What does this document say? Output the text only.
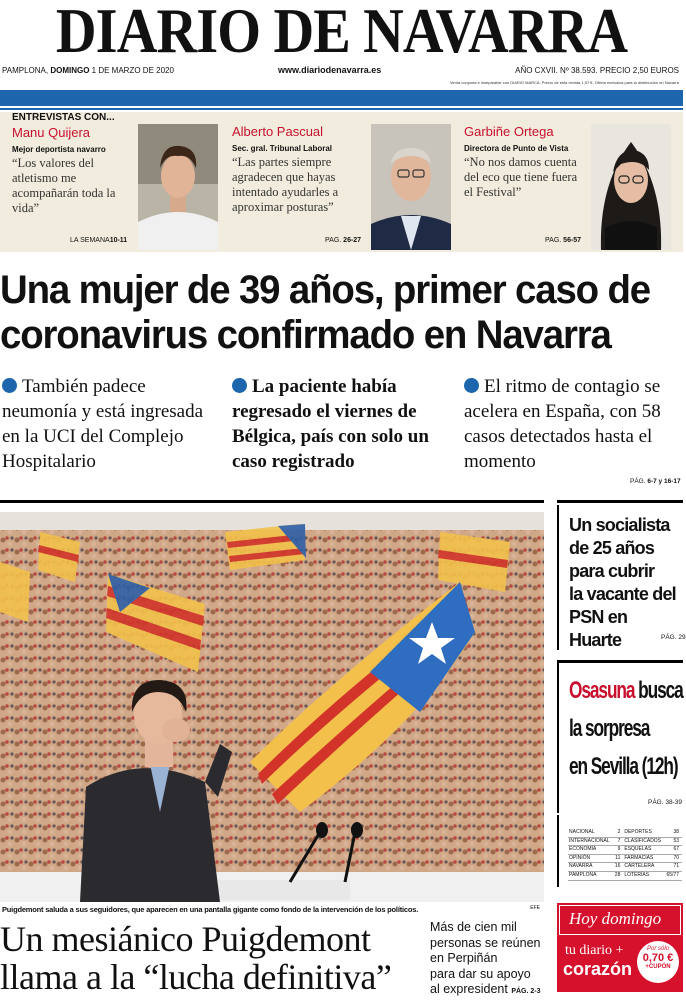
DIARIO DE NAVARRA
PAMPLONA, DOMINGO 1 DE MARZO DE 2020	www.diariodenavarra.es	AÑO CXVII. Nº 38.593. PRECIO 2,50 EUROS
Venta conjunta e inseparable con DIARIO MARCA. Precio de esta revista 1,57 €. Oferta exclusiva para la distribución en Navarra
ENTREVISTAS CON...
Manu Quijera
Mejor deportista navarro
“Los valores del atletismo me acompañarán toda la vida”
LA SEMANA10-11
Alberto Pascual
Sec. gral. Tribunal Laboral
“Las partes siempre agradecen que hayas intentado ayudarles a aproximar posturas”
PAG. 26-27
Garbiñe Ortega
Directora de Punto de Vista
“No nos damos cuenta del eco que tiene fuera el Festival”
PAG. 56-57
Una mujer de 39 años, primer caso de
coronavirus confirmado en Navarra
También padece neumonía y está ingresada en la UCI del Complejo Hospitalario
La paciente había regresado el viernes de Bélgica, país con solo un caso registrado
El ritmo de contagio se acelera en España, con 58 casos detectados hasta el momento
PÁG. 6-7 y 16-17
Puigdemont saluda a sus seguidores, que aparecen en una pantalla gigante como fondo de la intervención de los políticos.	EFE
Un mesiánico Puigdemont
llama a la “lucha definitiva”
Más de cien mil
personas se reúnen
en Perpiñán
para dar su apoyo
al expresident PÁG. 2-3
Un socialista
de 25 años
para cubrir
la vacante del
PSN en Huarte	PÁG. 29
Osasuna busca
la sorpresa
en Sevilla (12h)
PÁG. 38-39
NACIONAL	2	DEPORTES	38
INTERNACIONAL	7	CLASIFICADOS	53
ECONOMÍA	9	ESQUELAS	67
OPINIÓN	11	FARMACIAS	70
NAVARRA	16	CARTELERA	71
PAMPLONA	28	LOTERÍAS	65/77
Hoy domingo
tu diario +
corazón
Por sólo
0,70 €
+CUPÓN
